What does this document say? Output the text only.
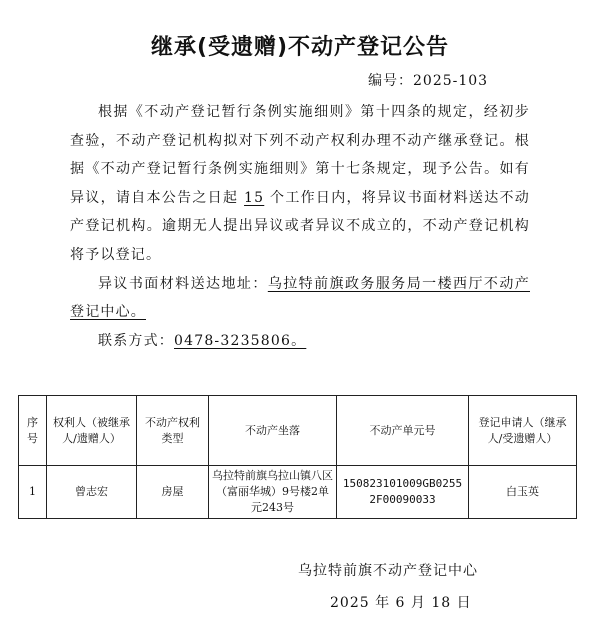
继承(受遗赠)不动产登记公告
编号：2025-103

根据《不动产登记暂行条例实施细则》第十四条的规定，经初步查验，不动产登记机构拟对下列不动产权利办理不动产继承登记。根据《不动产登记暂行条例实施细则》第十七条规定，现予公告。如有异议，请自本公告之日起 15 个工作日内，将异议书面材料送达不动产登记机构。逾期无人提出异议或者异议不成立的，不动产登记机构将予以登记。

异议书面材料送达地址：乌拉特前旗政务服务局一楼西厅不动产登记中心。

联系方式：0478-3235806。

序号	权利人（被继承人/遗赠人）	不动产权利类型	不动产坐落	不动产单元号	登记申请人（继承人/受遗赠人）
1	曾志宏	房屋	乌拉特前旗乌拉山镇八区（富丽华城）9号楼2单元243号	150823101009GB02552F00090033	白玉英
乌拉特前旗不动产登记中心
2025 年 6 月 18 日
